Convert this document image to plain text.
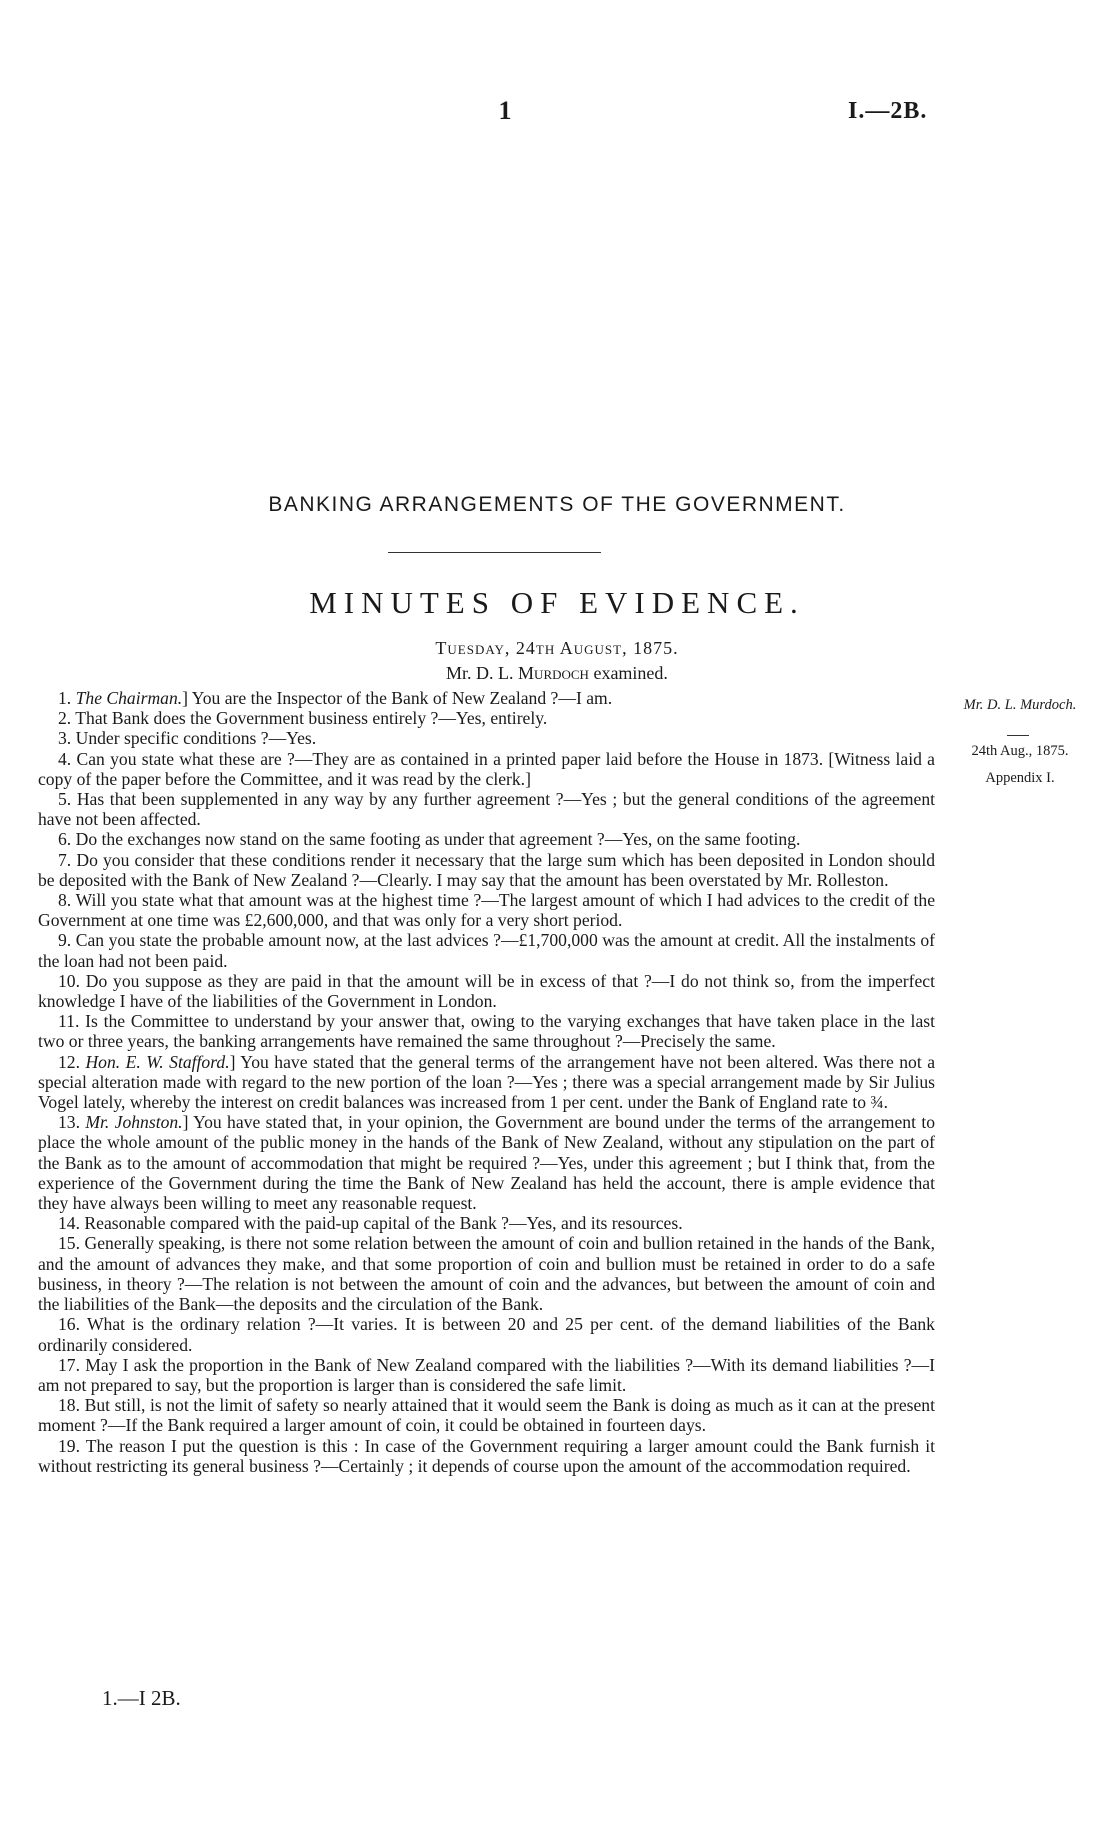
1	I.—2B.
BANKING ARRANGEMENTS OF THE GOVERNMENT.
MINUTES OF EVIDENCE.
Tuesday, 24th August, 1875.
Mr. D. L. Murdoch examined.
Mr. D. L. Murdoch.
24th Aug., 1875.
Appendix I.

1. The Chairman.] You are the Inspector of the Bank of New Zealand ?—I am.

2. That Bank does the Government business entirely ?—Yes, entirely.

3. Under specific conditions ?—Yes.

4. Can you state what these are ?—They are as contained in a printed paper laid before the House in 1873. [Witness laid a copy of the paper before the Committee, and it was read by the clerk.]

5. Has that been supplemented in any way by any further agreement ?—Yes ; but the general conditions of the agreement have not been affected.

6. Do the exchanges now stand on the same footing as under that agreement ?—Yes, on the same footing.

7. Do you consider that these conditions render it necessary that the large sum which has been deposited in London should be deposited with the Bank of New Zealand ?—Clearly. I may say that the amount has been overstated by Mr. Rolleston.

8. Will you state what that amount was at the highest time ?—The largest amount of which I had advices to the credit of the Government at one time was £2,600,000, and that was only for a very short period.

9. Can you state the probable amount now, at the last advices ?—£1,700,000 was the amount at credit. All the instalments of the loan had not been paid.

10. Do you suppose as they are paid in that the amount will be in excess of that ?—I do not think so, from the imperfect knowledge I have of the liabilities of the Government in London.

11. Is the Committee to understand by your answer that, owing to the varying exchanges that have taken place in the last two or three years, the banking arrangements have remained the same throughout ?—Precisely the same.

12. Hon. E. W. Stafford.] You have stated that the general terms of the arrangement have not been altered. Was there not a special alteration made with regard to the new portion of the loan ?—Yes ; there was a special arrangement made by Sir Julius Vogel lately, whereby the interest on credit balances was increased from 1 per cent. under the Bank of England rate to ¾.

13. Mr. Johnston.] You have stated that, in your opinion, the Government are bound under the terms of the arrangement to place the whole amount of the public money in the hands of the Bank of New Zealand, without any stipulation on the part of the Bank as to the amount of accommodation that might be required ?—Yes, under this agreement ; but I think that, from the experience of the Government during the time the Bank of New Zealand has held the account, there is ample evidence that they have always been willing to meet any reasonable request.

14. Reasonable compared with the paid-up capital of the Bank ?—Yes, and its resources.

15. Generally speaking, is there not some relation between the amount of coin and bullion retained in the hands of the Bank, and the amount of advances they make, and that some proportion of coin and bullion must be retained in order to do a safe business, in theory ?—The relation is not between the amount of coin and the advances, but between the amount of coin and the liabilities of the Bank—the deposits and the circulation of the Bank.

16. What is the ordinary relation ?—It varies. It is between 20 and 25 per cent. of the demand liabilities of the Bank ordinarily considered.

17. May I ask the proportion in the Bank of New Zealand compared with the liabilities ?—With its demand liabilities ?—I am not prepared to say, but the proportion is larger than is considered the safe limit.

18. But still, is not the limit of safety so nearly attained that it would seem the Bank is doing as much as it can at the present moment ?—If the Bank required a larger amount of coin, it could be obtained in fourteen days.

19. The reason I put the question is this : In case of the Government requiring a larger amount could the Bank furnish it without restricting its general business ?—Certainly ; it depends of course upon the amount of the accommodation required.

1.—I 2B.
